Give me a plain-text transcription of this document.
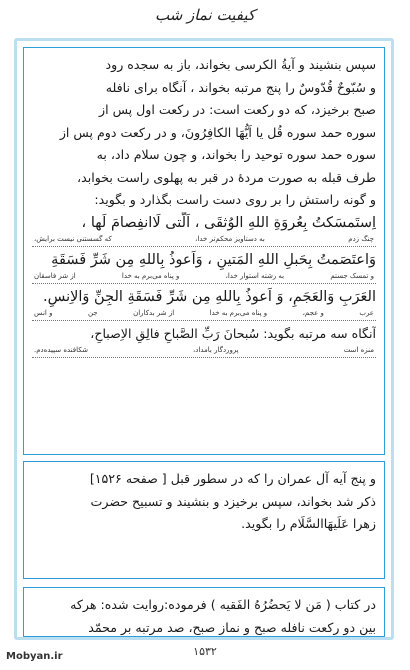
کیفیت نماز شب
سپس بنشیند و آیةُ الکرسی بخواند، باز به سجده رود
و سُبّوحٌ قُدّوسٌ را پنج مرتبه بخواند ، آنگاه برای نافله
صبح برخیزد، که دو رکعت است: در رکعت اول پس از
سوره حمد سوره قُل یا اَیُّهَا الکافِرُونَ، و در رکعت دوم پس از
سوره حمد سوره توحید را بخواند، و چون سلام داد، به
طرف قبله به صورت مردهٔ در قبر به پهلوی راست بخوابد،
و گونه راستش را بر روی دست راست بگذارد و بگوید:
اِستَمسَکتُ بِعُروَةِ اللهِ الوُثقَی ، اَلَّتی لَاانفِصامَ لَها ،
چنگ زدم
به دستاویز محکم‌تر خدا،
که گسستنی نیست برایش،
وَاعتَصَمتُ بِحَبلِ اللهِ المَتینِ ، وَاَعوذُ بِاللهِ مِن شَرِّ فَسَقَةِ
و تمسک جستم
به رشته استوار خدا،
و پناه می‌برم به خدا
از شر فاسقان
العَرَبِ وَالعَجَمِ، وَ اَعوذُ بِاللهِ مِن شَرِّ فَسَقَةِ الجِنِّ وَالاِنسِ.
عرب
و عجم،
و پناه می‌برم به خدا
از شر بدکاران
جن
و انس
آنگاه سه مرتبه بگوید: سُبحانَ رَبِّ الصَّباحِ فالِقِ الاِصباحِ،
منزه است
پروردگار بامداد،
شکافنده سپیده‌دم.
و پنج آیه آل عمران را که در سطور قبل [ صفحه ۱۵۲۶]
ذکر شد بخواند، سپس برخیزد و بنشیند و تسبیح حضرت
زهرا عَلَیهَاالسَّلَام را بگوید.
در کتاب ( مَن لا یَحضُرُهُ الفَقیه ) فرموده:روایت شده: هرکه
بین دو رکعت نافله صبح و نماز صبح، صد مرتبه بر محمّد
۱۵۳۲
Mobyan.ir
